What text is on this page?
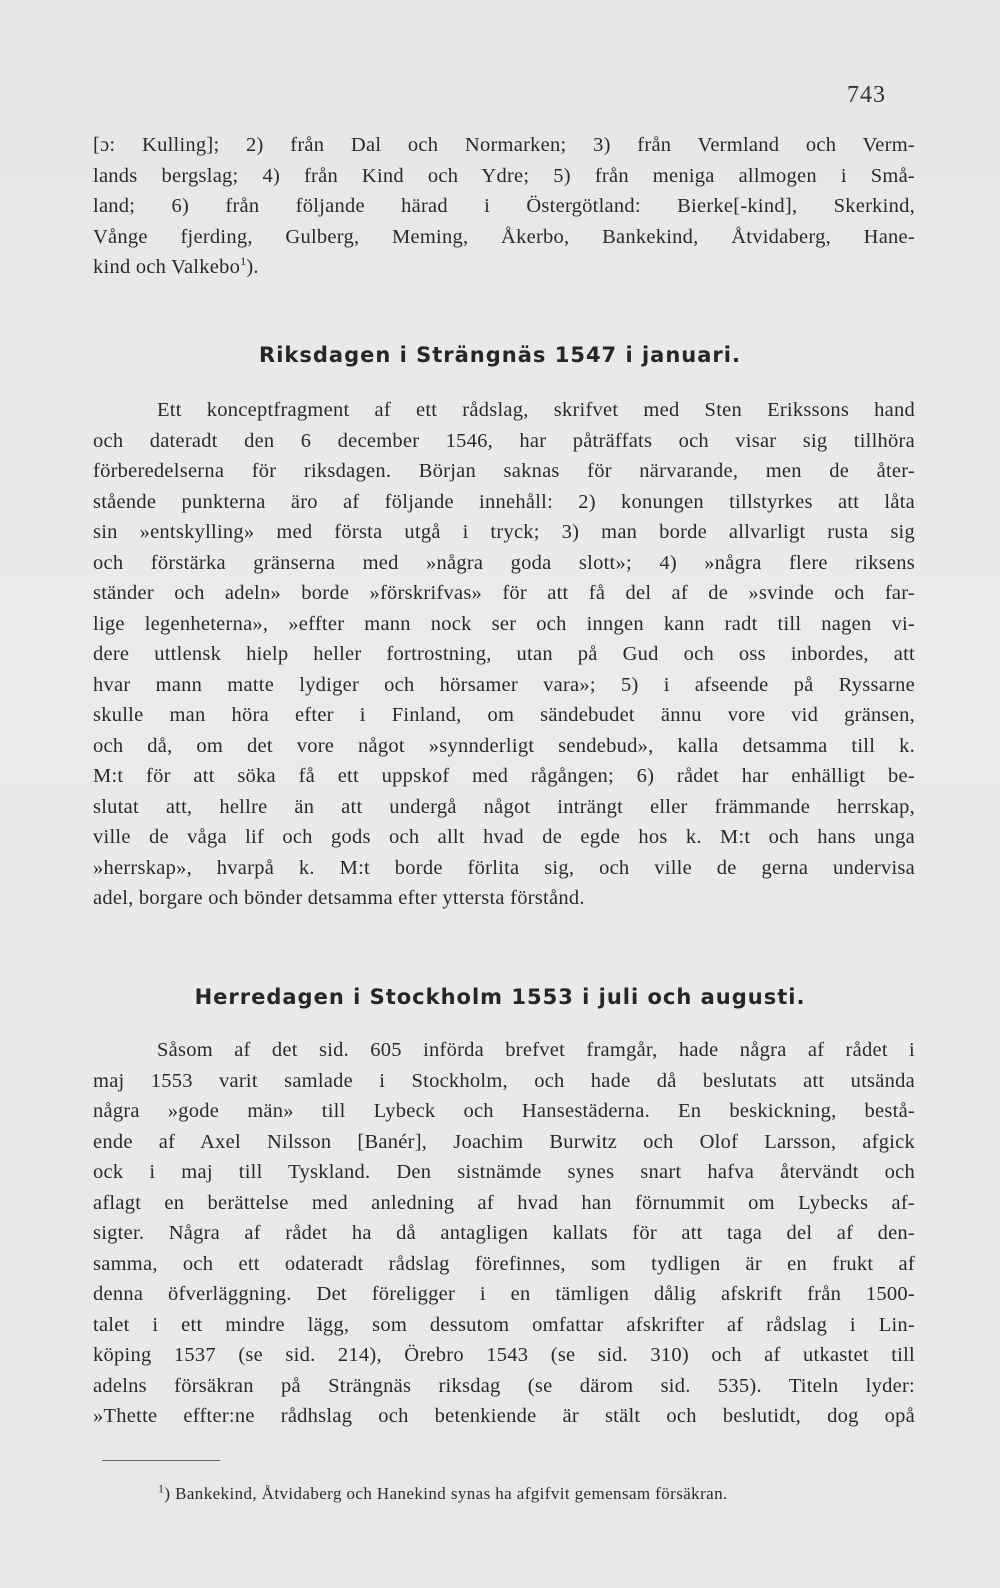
743
[ɔ: Kulling]; 2) från Dal och Normarken; 3) från Vermland och Verm-
lands bergslag; 4) från Kind och Ydre; 5) från meniga allmogen i Små-
land; 6) från följande härad i Östergötland: Bierke[-kind], Skerkind,
Vånge fjerding, Gulberg, Meming, Åkerbo, Bankekind, Åtvidaberg, Hane-
kind och Valkebo$^1$).
Riksdagen i Strängnäs 1547 i januari.
Ett konceptfragment af ett rådslag, skrifvet med Sten Erikssons hand
och dateradt den 6 december 1546, har påträffats och visar sig tillhöra
förberedelserna för riksdagen. Början saknas för närvarande, men de åter-
stående punkterna äro af följande innehåll: 2) konungen tillstyrkes att låta
sin »entskylling» med första utgå i tryck; 3) man borde allvarligt rusta sig
och förstärka gränserna med »några goda slott»; 4) »några flere riksens
ständer och adeln» borde »förskrifvas» för att få del af de »svinde och far-
lige legenheterna», »effter mann nock ser och inngen kann radt till nagen vi-
dere uttlensk hielp heller fortrostning, utan på Gud och oss inbordes, att
hvar mann matte lydiger och hörsamer vara»; 5) i afseende på Ryssarne
skulle man höra efter i Finland, om sändebudet ännu vore vid gränsen,
och då, om det vore något »synnderligt sendebud», kalla detsamma till k.
M:t för att söka få ett uppskof med rågången; 6) rådet har enhälligt be-
slutat att, hellre än att undergå något inträngt eller främmande herrskap,
ville de våga lif och gods och allt hvad de egde hos k. M:t och hans unga
»herrskap», hvarpå k. M:t borde förlita sig, och ville de gerna undervisa
adel, borgare och bönder detsamma efter yttersta förstånd.
Herredagen i Stockholm 1553 i juli och augusti.
Såsom af det sid. 605 införda brefvet framgår, hade några af rådet i
maj 1553 varit samlade i Stockholm, och hade då beslutats att utsända
några »gode män» till Lybeck och Hansestäderna. En beskickning, bestå-
ende af Axel Nilsson [Banér], Joachim Burwitz och Olof Larsson, afgick
ock i maj till Tyskland. Den sistnämde synes snart hafva återvändt och
aflagt en berättelse med anledning af hvad han förnummit om Lybecks af-
sigter. Några af rådet ha då antagligen kallats för att taga del af den-
samma, och ett odateradt rådslag förefinnes, som tydligen är en frukt af
denna öfverläggning. Det föreligger i en tämligen dålig afskrift från 1500-
talet i ett mindre lägg, som dessutom omfattar afskrifter af rådslag i Lin-
köping 1537 (se sid. 214), Örebro 1543 (se sid. 310) och af utkastet till
adelns försäkran på Strängnäs riksdag (se därom sid. 535). Titeln lyder:
»Thette effter:ne rådhslag och betenkiende är stält och beslutidt, dog opå
$^1$) Bankekind, Åtvidaberg och Hanekind synas ha afgifvit gemensam försäkran.
